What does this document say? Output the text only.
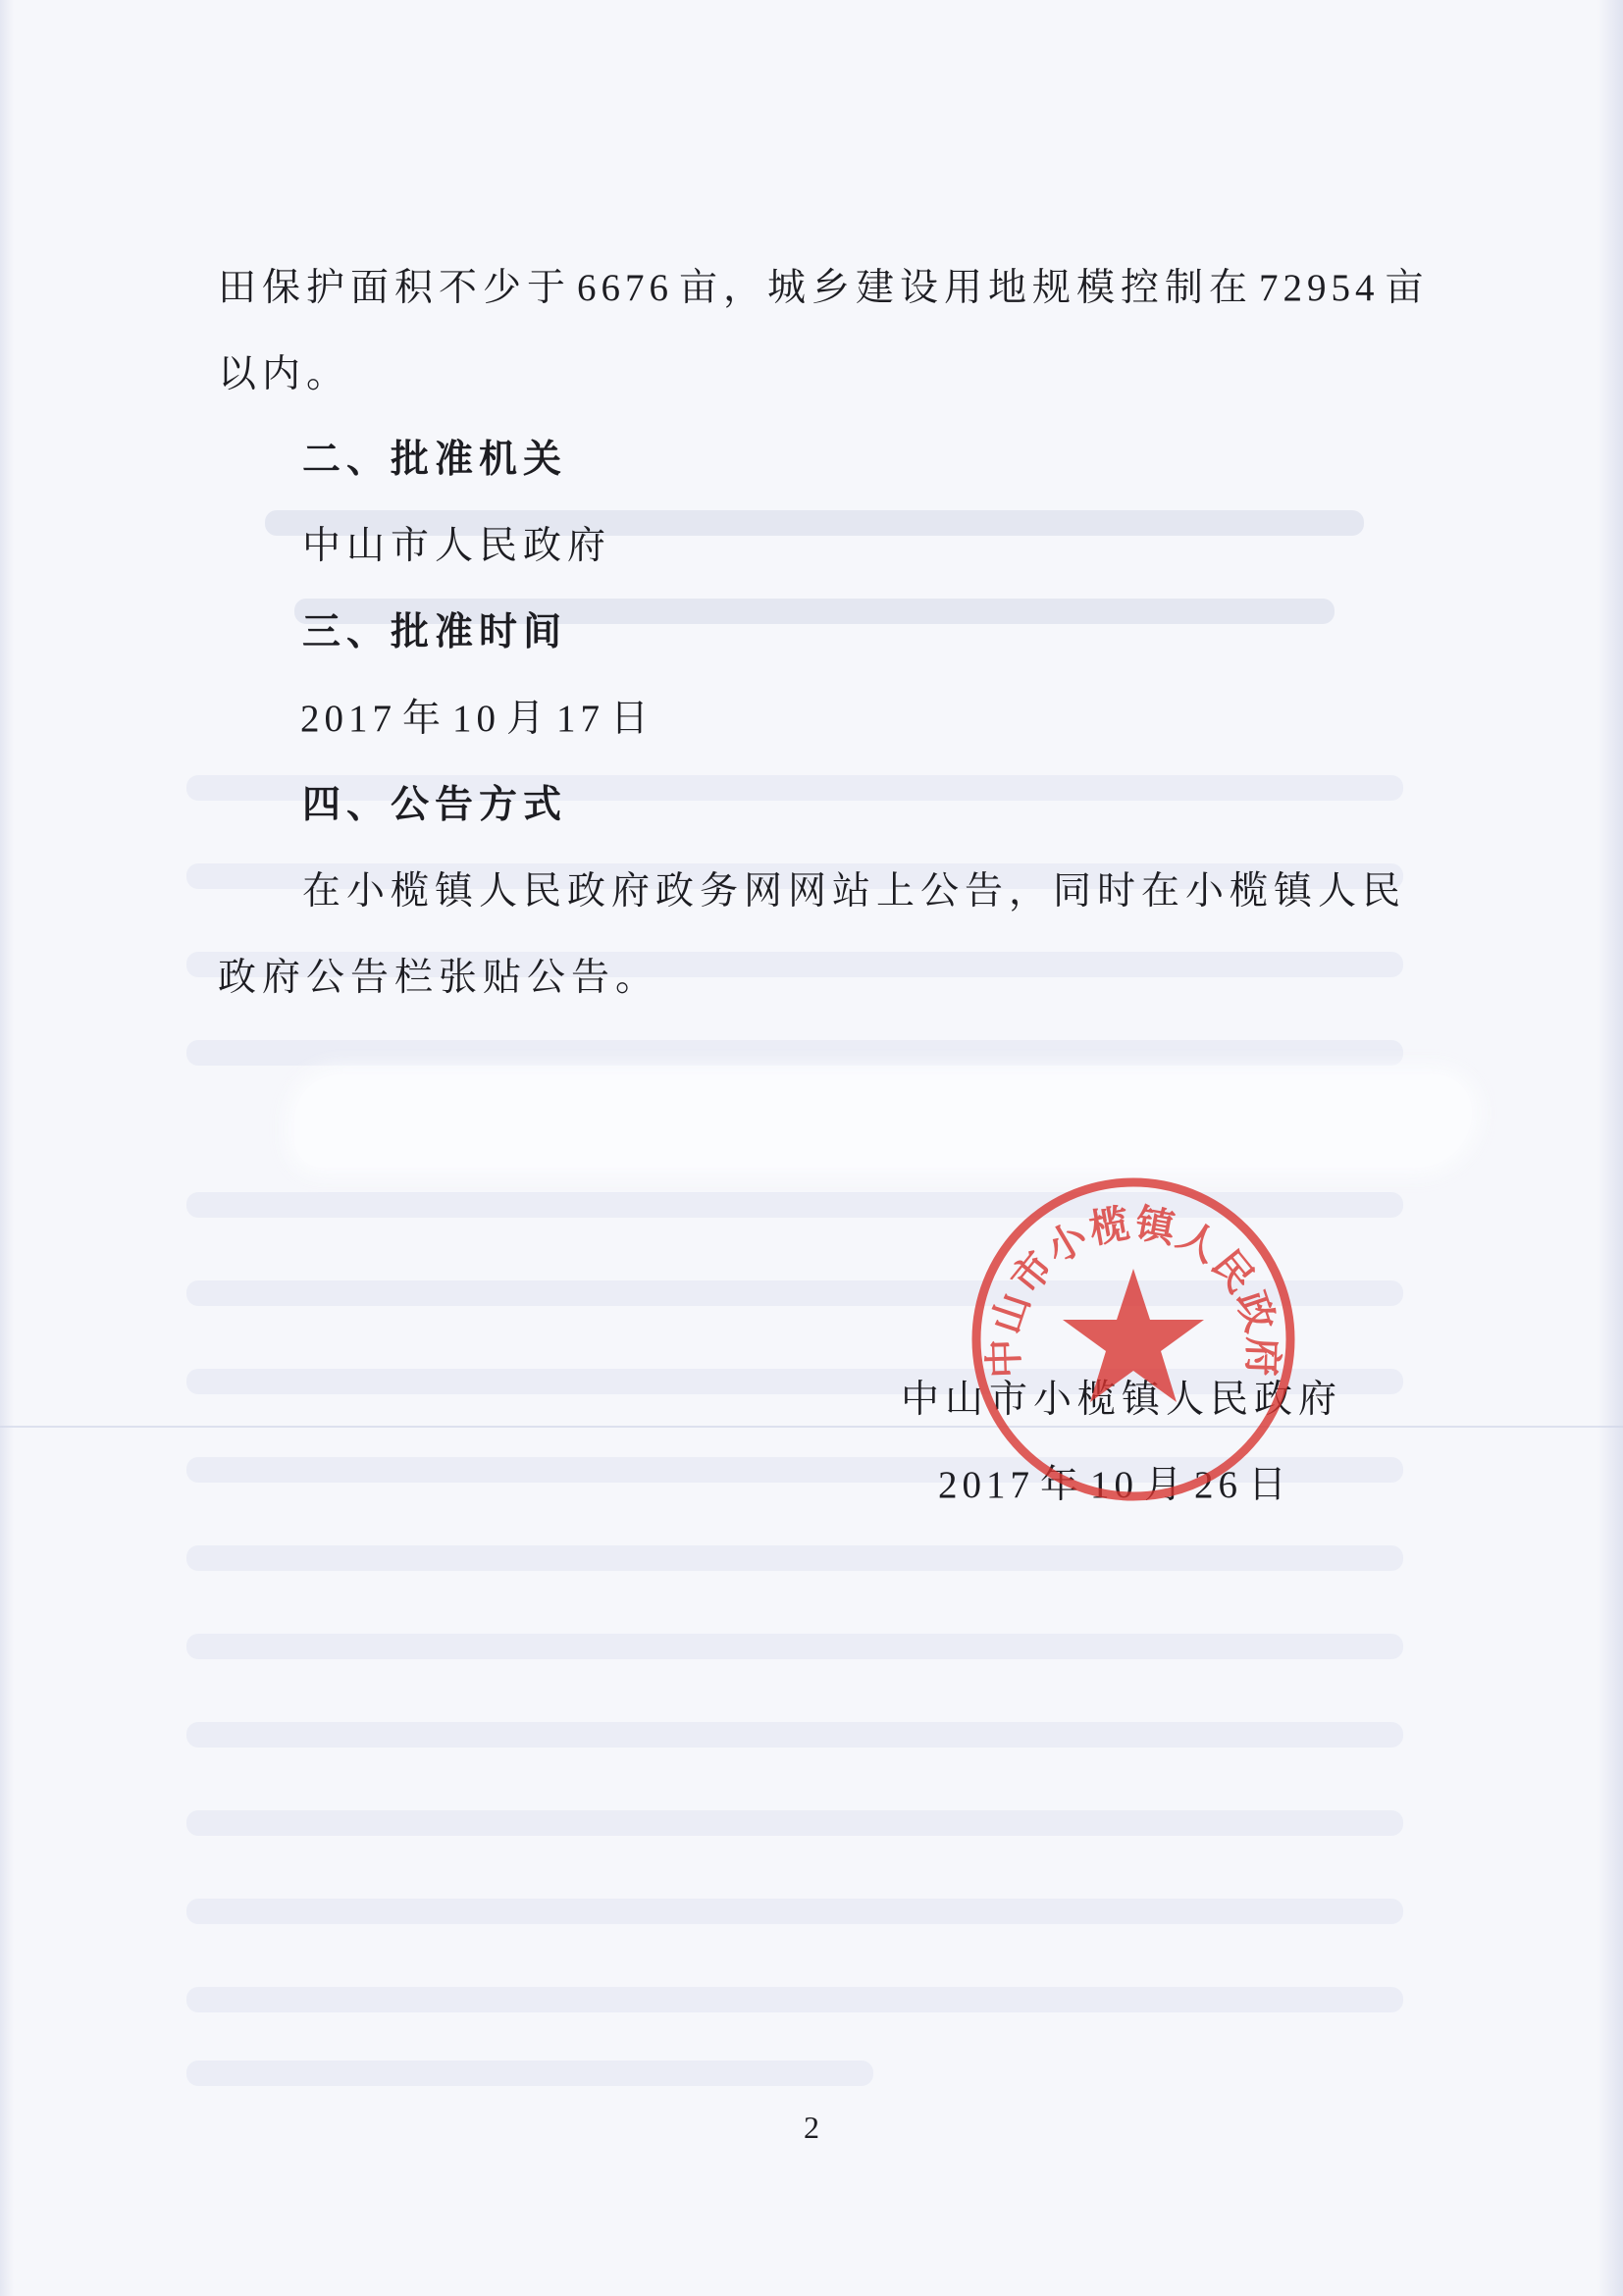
田保护面积不少于 6676 亩，城乡建设用地规模控制在 72954 亩
以内。
二、批准机关
中山市人民政府
三、批准时间
2017 年 10 月 17 日
四、公告方式
在小榄镇人民政府政务网网站上公告，同时在小榄镇人民
政府公告栏张贴公告。
中山市小榄镇人民政府
2017 年 10 月 26 日
中山市小榄镇人民政府
2
